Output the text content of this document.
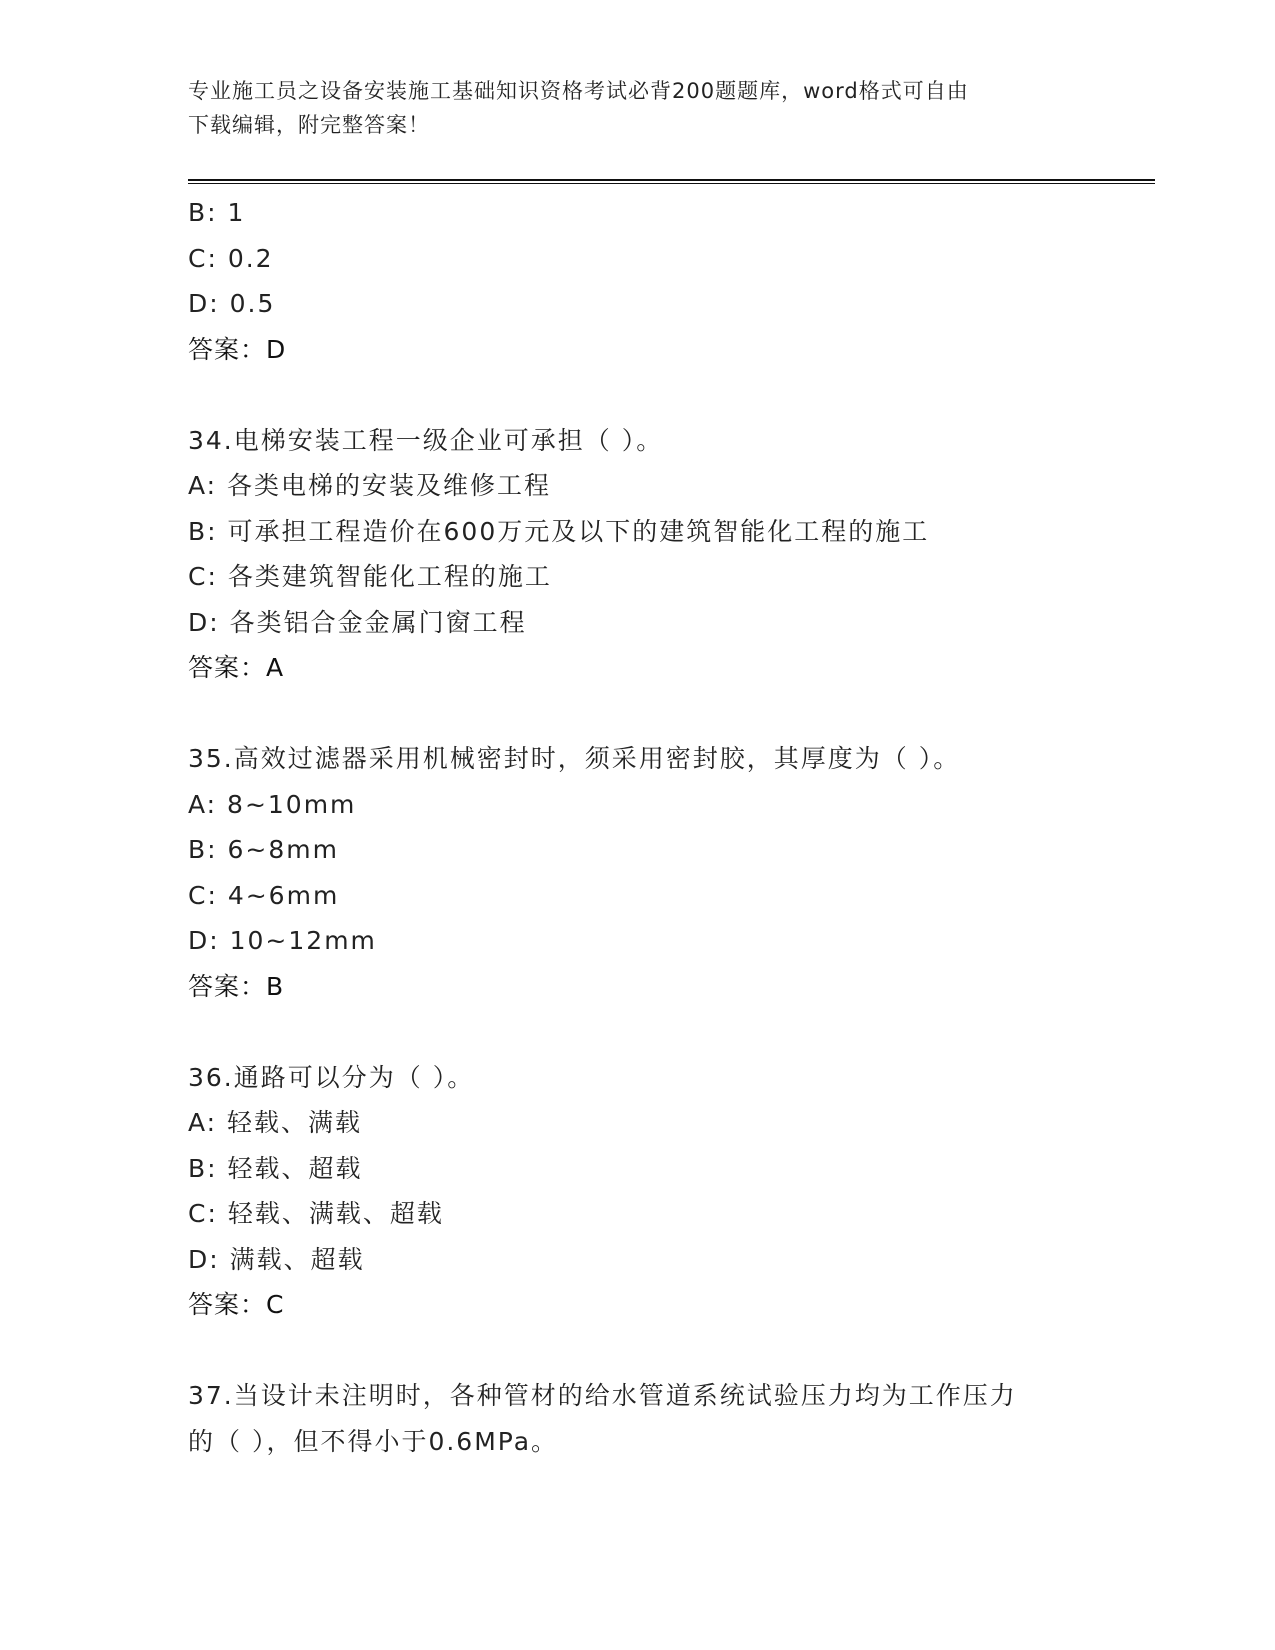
专业施工员之设备安装施工基础知识资格考试必背200题题库，word格式可自由
下载编辑，附完整答案！
B: 1
C: 0.2
D: 0.5
答案：D
34.电梯安装工程一级企业可承担（ ）。
A: 各类电梯的安装及维修工程
B: 可承担工程造价在600万元及以下的建筑智能化工程的施工
C: 各类建筑智能化工程的施工
D: 各类铝合金金属门窗工程
答案：A
35.高效过滤器采用机械密封时，须采用密封胶，其厚度为（ ）。
A: 8~10mm
B: 6~8mm
C: 4~6mm
D: 10~12mm
答案：B
36.通路可以分为（ ）。
A: 轻载、满载
B: 轻载、超载
C: 轻载、满载、超载
D: 满载、超载
答案：C
37.当设计未注明时，各种管材的给水管道系统试验压力均为工作压力
的（ ），但不得小于0.6MPa。
